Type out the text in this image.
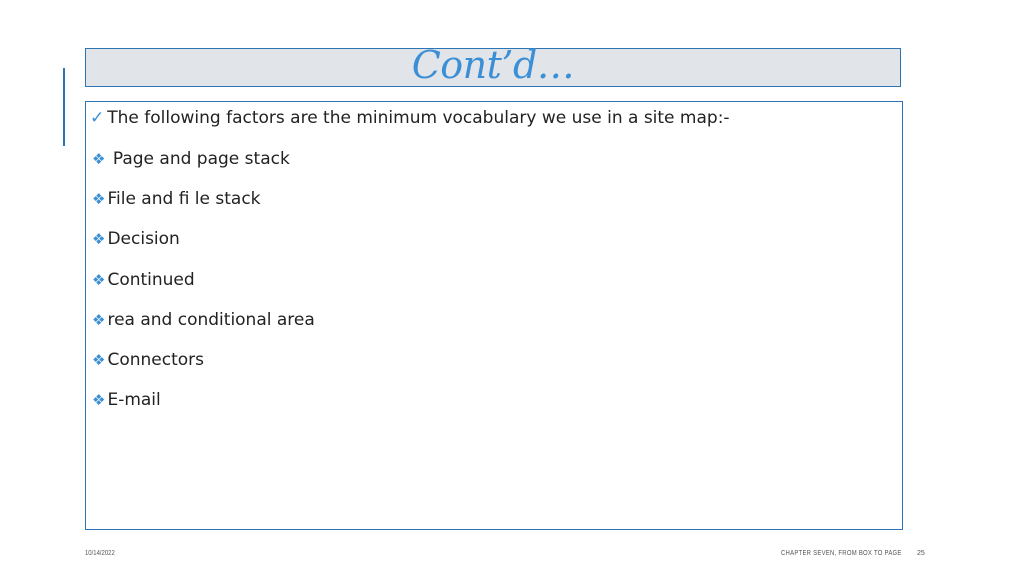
Cont’d…
✓ The following factors are the minimum vocabulary we use in a site map:-
❖ Page and page stack
❖ File and fi le stack
❖ Decision
❖ Continued
❖ rea and conditional area
❖ Connectors
❖ E-mail
10/14/2022	CHAPTER SEVEN, FROM BOX TO PAGE 25
